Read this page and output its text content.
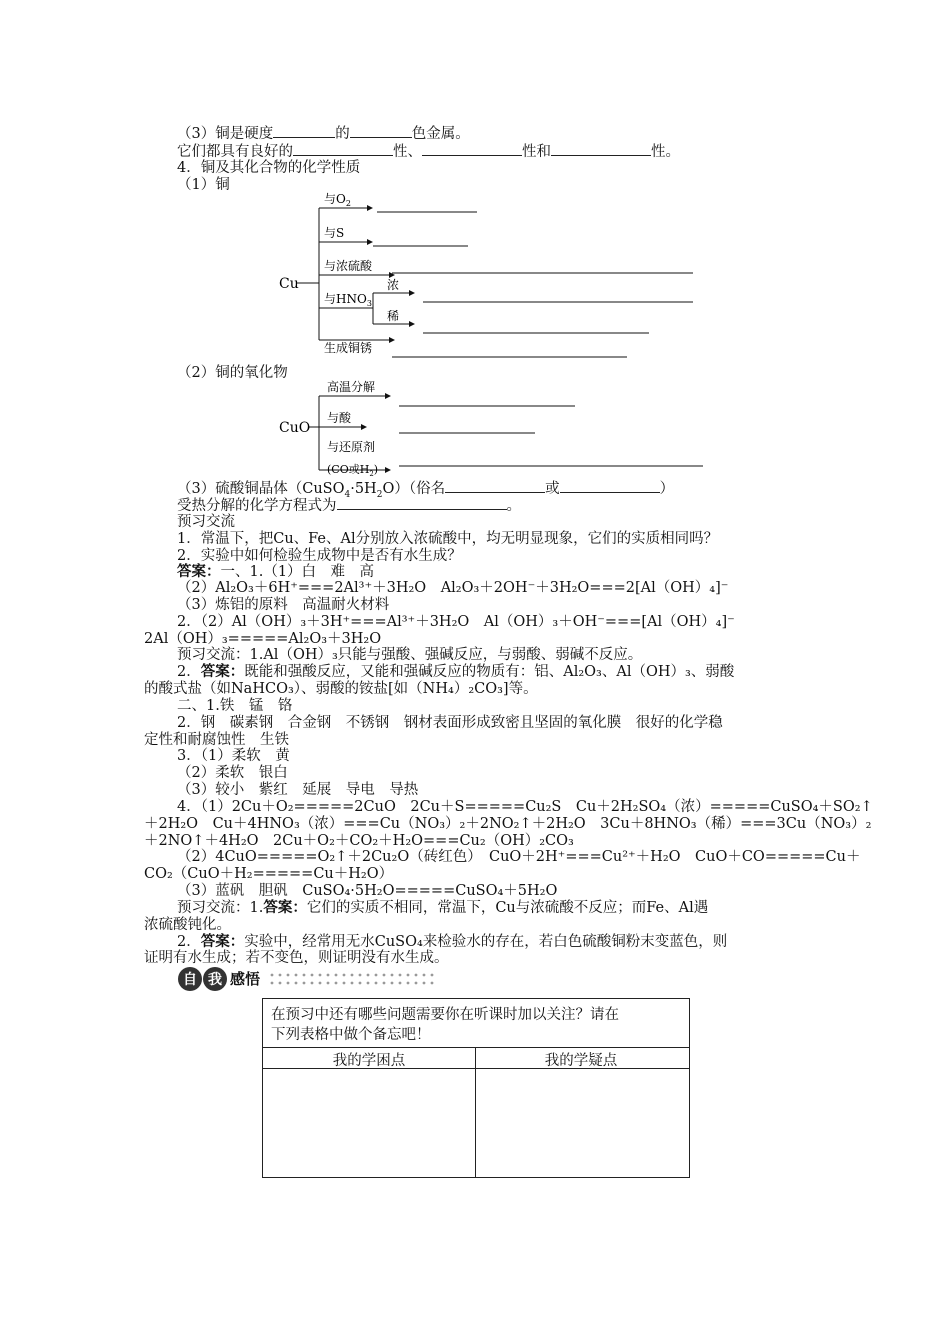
（3）铜是硬度	的	色金属。
它们都具有良好的	性、	性和	性。
4．铜及其化合物的化学性质
（1）铜
Cu
与$O_2$
与S
与浓硫酸
与$HNO_3$
浓
稀
生成铜锈
（2）铜的氧化物
CuO
高温分解
与酸
与还原剂
(CO或$H_2$)
（3）硫酸铜晶体$(CuSO_4\cdot 5H_2O)$（俗名	或	）
受热分解的化学方程式为	。
预习交流
1．常温下，把Cu、Fe、Al分别放入浓硫酸中，均无明显现象，它们的实质相同吗？
2．实验中如何检验生成物中是否有水生成？
答案：一、1.（1）白　难　高
（2）Al₂O₃＋6H⁺===2Al³⁺＋3H₂O　Al₂O₃＋2OH⁻＋3H₂O===2[Al（OH）₄]⁻
（3）炼铝的原料　高温耐火材料
2．（2）Al（OH）₃＋3H⁺===Al³⁺＋3H₂O　Al（OH）₃＋OH⁻===[Al（OH）₄]⁻
2Al（OH）₃=====Al₂O₃＋3H₂O
预习交流：1.Al（OH）₃只能与强酸、强碱反应，与弱酸、弱碱不反应。
2．答案：既能和强酸反应，又能和强碱反应的物质有：铝、Al₂O₃、Al（OH）₃、弱酸
的酸式盐（如NaHCO₃）、弱酸的铵盐[如（NH₄）₂CO₃]等。
二、1.铁　锰　铬
2．钢　碳素钢　合金钢　不锈钢　钢材表面形成致密且坚固的氧化膜　很好的化学稳
定性和耐腐蚀性　生铁
3．（1）柔软　黄
（2）柔软　银白
（3）较小　紫红　延展　导电　导热
4．（1）2Cu＋O₂=====2CuO　2Cu＋S=====Cu₂S　Cu＋2H₂SO₄（浓）=====CuSO₄＋SO₂↑
＋2H₂O　Cu＋4HNO₃（浓）===Cu（NO₃）₂＋2NO₂↑＋2H₂O　3Cu＋8HNO₃（稀）===3Cu（NO₃）₂
＋2NO↑＋4H₂O　2Cu＋O₂＋CO₂＋H₂O===Cu₂（OH）₂CO₃
（2）4CuO=====O₂↑＋2Cu₂O（砖红色）　CuO＋2H⁺===Cu²⁺＋H₂O　CuO＋CO=====Cu＋
CO₂（CuO＋H₂=====Cu＋H₂O）
（3）蓝矾　胆矾　CuSO₄·5H₂O=====CuSO₄＋5H₂O
预习交流：1.答案：它们的实质不相同，常温下，Cu与浓硫酸不反应；而Fe、Al遇
浓硫酸钝化。
2．答案：实验中，经常用无水CuSO₄来检验水的存在，若白色硫酸铜粉末变蓝色，则
证明有水生成；若不变色，则证明没有水生成。
自 我 感悟
在预习中还有哪些问题需要你在听课时加以关注？请在
下列表格中做个备忘吧！
我的学困点	我的学疑点
